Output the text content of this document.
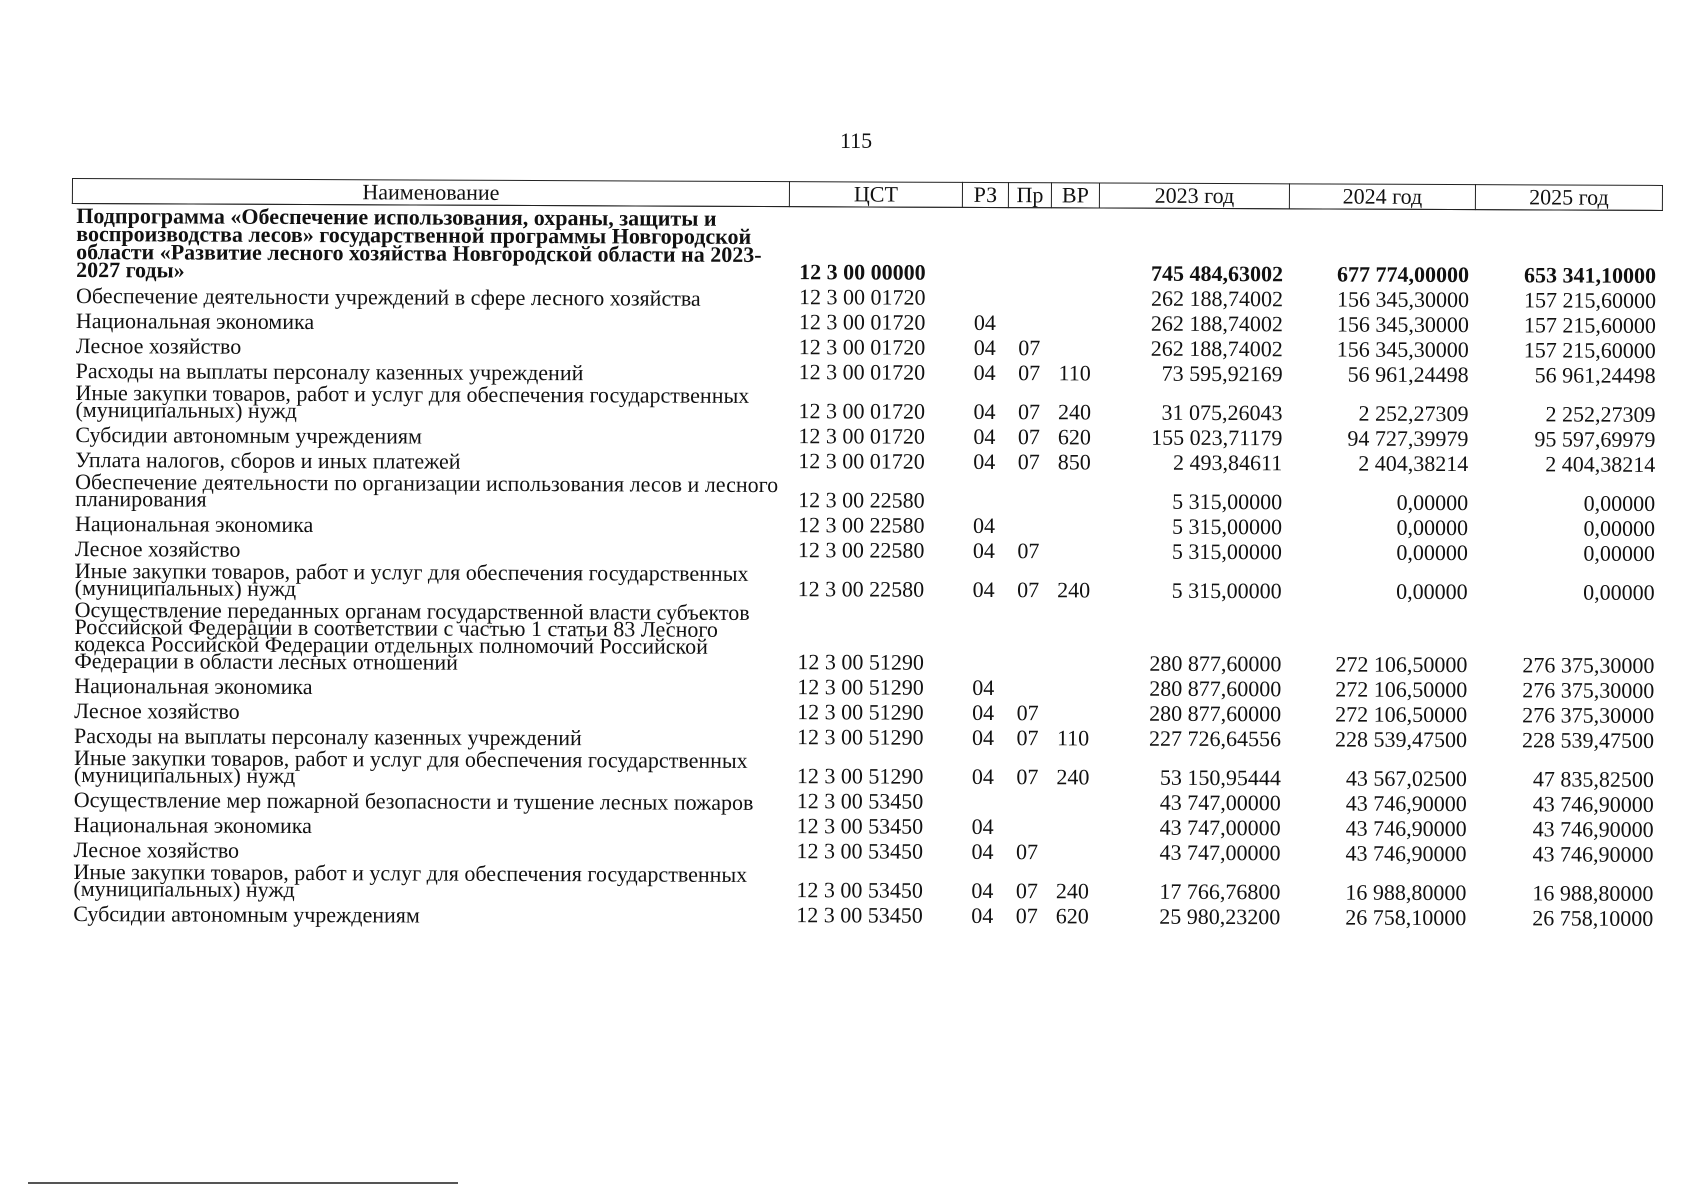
115
Наименование	ЦСТ	РЗ	Пр	ВР	2023 год	2024 год	2025 год
Подпрограмма «Обеспечение использования, охраны, защиты и воспроизводства лесов» государственной программы Новгородской области «Развитие лесного хозяйства Новгородской области на 2023-2027 годы»	12 3 00 00000				745 484,63002	677 774,00000	653 341,10000
Обеспечение деятельности учреждений в сфере лесного хозяйства	12 3 00 01720				262 188,74002	156 345,30000	157 215,60000
Национальная экономика	12 3 00 01720	04			262 188,74002	156 345,30000	157 215,60000
Лесное хозяйство	12 3 00 01720	04	07		262 188,74002	156 345,30000	157 215,60000
Расходы на выплаты персоналу казенных учреждений	12 3 00 01720	04	07	110	73 595,92169	56 961,24498	56 961,24498
Иные закупки товаров, работ и услуг для обеспечения государственных (муниципальных) нужд	12 3 00 01720	04	07	240	31 075,26043	2 252,27309	2 252,27309
Субсидии автономным учреждениям	12 3 00 01720	04	07	620	155 023,71179	94 727,39979	95 597,69979
Уплата налогов, сборов и иных платежей	12 3 00 01720	04	07	850	2 493,84611	2 404,38214	2 404,38214
Обеспечение деятельности по организации использования лесов и лесного планирования	12 3 00 22580				5 315,00000	0,00000	0,00000
Национальная экономика	12 3 00 22580	04			5 315,00000	0,00000	0,00000
Лесное хозяйство	12 3 00 22580	04	07		5 315,00000	0,00000	0,00000
Иные закупки товаров, работ и услуг для обеспечения государственных (муниципальных) нужд	12 3 00 22580	04	07	240	5 315,00000	0,00000	0,00000
Осуществление переданных органам государственной власти субъектов Российской Федерации в соответствии с частью 1 статьи 83 Лесного кодекса Российской Федерации отдельных полномочий Российской Федерации в области лесных отношений	12 3 00 51290				280 877,60000	272 106,50000	276 375,30000
Национальная экономика	12 3 00 51290	04			280 877,60000	272 106,50000	276 375,30000
Лесное хозяйство	12 3 00 51290	04	07		280 877,60000	272 106,50000	276 375,30000
Расходы на выплаты персоналу казенных учреждений	12 3 00 51290	04	07	110	227 726,64556	228 539,47500	228 539,47500
Иные закупки товаров, работ и услуг для обеспечения государственных (муниципальных) нужд	12 3 00 51290	04	07	240	53 150,95444	43 567,02500	47 835,82500
Осуществление мер пожарной безопасности и тушение лесных пожаров	12 3 00 53450				43 747,00000	43 746,90000	43 746,90000
Национальная экономика	12 3 00 53450	04			43 747,00000	43 746,90000	43 746,90000
Лесное хозяйство	12 3 00 53450	04	07		43 747,00000	43 746,90000	43 746,90000
Иные закупки товаров, работ и услуг для обеспечения государственных (муниципальных) нужд	12 3 00 53450	04	07	240	17 766,76800	16 988,80000	16 988,80000
Субсидии автономным учреждениям	12 3 00 53450	04	07	620	25 980,23200	26 758,10000	26 758,10000
